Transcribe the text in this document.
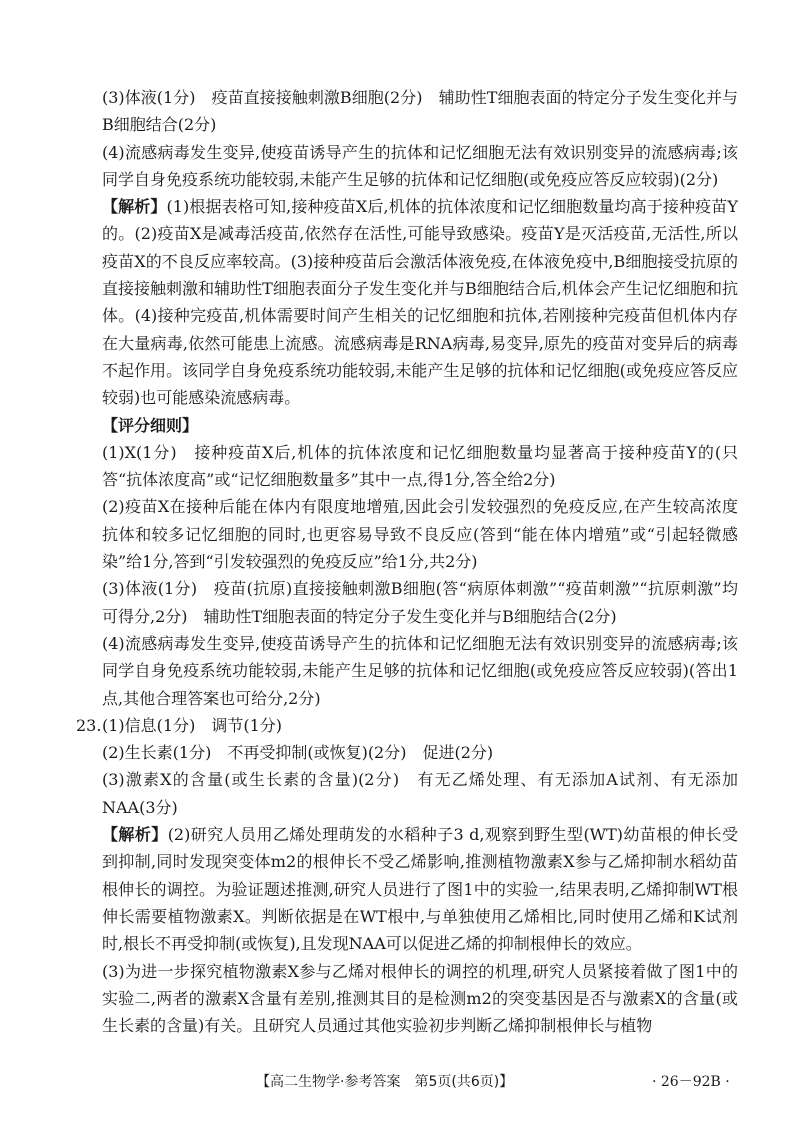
(3)体液(1分)　疫苗直接接触刺激B细胞(2分)　辅助性T细胞表面的特定分子发生变化并与B细胞结合(2分)

(4)流感病毒发生变异,使疫苗诱导产生的抗体和记忆细胞无法有效识别变异的流感病毒;该同学自身免疫系统功能较弱,未能产生足够的抗体和记忆细胞(或免疫应答反应较弱)(2分)

【解析】(1)根据表格可知,接种疫苗X后,机体的抗体浓度和记忆细胞数量均高于接种疫苗Y的。(2)疫苗X是减毒活疫苗,依然存在活性,可能导致感染。疫苗Y是灭活疫苗,无活性,所以疫苗X的不良反应率较高。(3)接种疫苗后会激活体液免疫,在体液免疫中,B细胞接受抗原的直接接触刺激和辅助性T细胞表面分子发生变化并与B细胞结合后,机体会产生记忆细胞和抗体。(4)接种完疫苗,机体需要时间产生相关的记忆细胞和抗体,若刚接种完疫苗但机体内存在大量病毒,依然可能患上流感。流感病毒是RNA病毒,易变异,原先的疫苗对变异后的病毒不起作用。该同学自身免疫系统功能较弱,未能产生足够的抗体和记忆细胞(或免疫应答反应较弱)也可能感染流感病毒。

【评分细则】

(1)X(1分)　接种疫苗X后,机体的抗体浓度和记忆细胞数量均显著高于接种疫苗Y的(只答“抗体浓度高”或“记忆细胞数量多”其中一点,得1分,答全给2分)

(2)疫苗X在接种后能在体内有限度地增殖,因此会引发较强烈的免疫反应,在产生较高浓度抗体和较多记忆细胞的同时,也更容易导致不良反应(答到“能在体内增殖”或“引起轻微感染”给1分,答到“引发较强烈的免疫反应”给1分,共2分)

(3)体液(1分)　疫苗(抗原)直接接触刺激B细胞(答“病原体刺激”“疫苗刺激”“抗原刺激”均可得分,2分)　辅助性T细胞表面的特定分子发生变化并与B细胞结合(2分)

(4)流感病毒发生变异,使疫苗诱导产生的抗体和记忆细胞无法有效识别变异的流感病毒;该同学自身免疫系统功能较弱,未能产生足够的抗体和记忆细胞(或免疫应答反应较弱)(答出1点,其他合理答案也可给分,2分)

23. (1)信息(1分)　调节(1分)

(2)生长素(1分)　不再受抑制(或恢复)(2分)　促进(2分)

(3)激素X的含量(或生长素的含量)(2分)　有无乙烯处理、有无添加A试剂、有无添加NAA(3分)

【解析】(2)研究人员用乙烯处理萌发的水稻种子3 d,观察到野生型(WT)幼苗根的伸长受到抑制,同时发现突变体m2的根伸长不受乙烯影响,推测植物激素X参与乙烯抑制水稻幼苗根伸长的调控。为验证题述推测,研究人员进行了图1中的实验一,结果表明,乙烯抑制WT根伸长需要植物激素X。判断依据是在WT根中,与单独使用乙烯相比,同时使用乙烯和K试剂时,根长不再受抑制(或恢复),且发现NAA可以促进乙烯的抑制根伸长的效应。

(3)为进一步探究植物激素X参与乙烯对根伸长的调控的机理,研究人员紧接着做了图1中的实验二,两者的激素X含量有差别,推测其目的是检测m2的突变基因是否与激素X的含量(或生长素的含量)有关。且研究人员通过其他实验初步判断乙烯抑制根伸长与植物

【高二生物学·参考答案　第5页(共6页)】	· 26－92B ·
